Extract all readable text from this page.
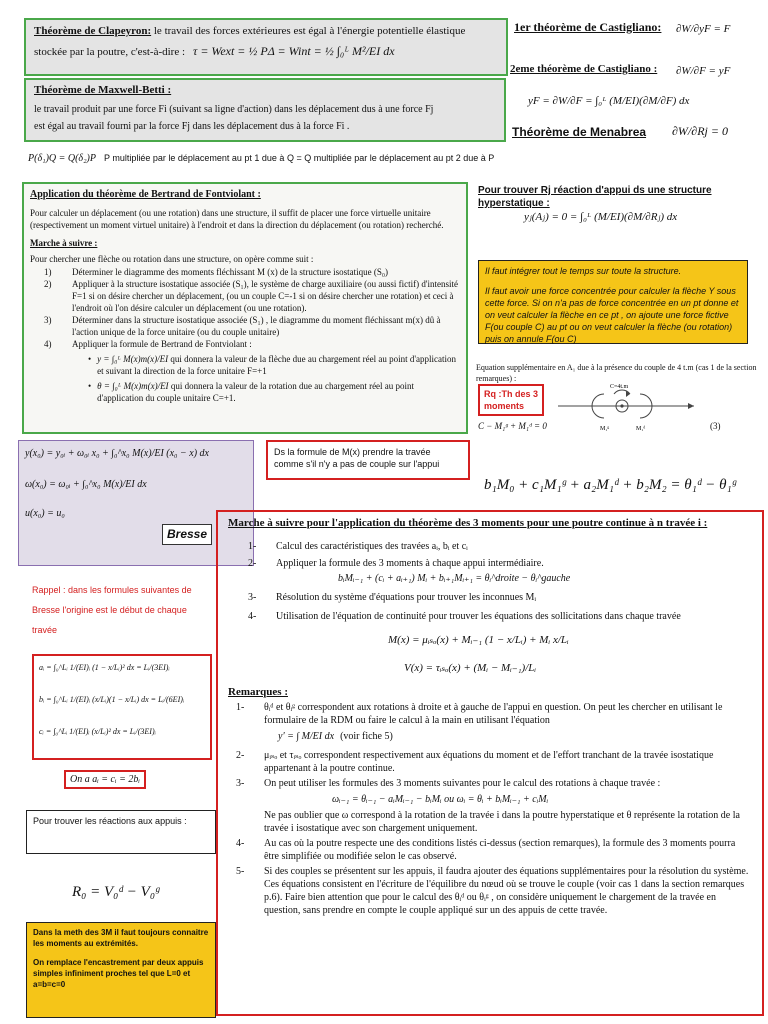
Théorème de Clapeyron: le travail des forces extérieures est égal à l'énergie potentielle élastique
stockée par la poutre, c'est-à-dire : τ = Wext = ½ PΔ = Wint = ½ ∫₀ᴸ M²/EI dx
1er théorème de Castigliano: ∂W/∂yF = F
2eme théorème de Castigliano : ∂W/∂F = yF
yF = ∂W/∂F = ∫₀ᴸ (M/EI)(∂M/∂F) dx
Théorème de Menabrea ∂W/∂Rj = 0
Théorème de Maxwell-Betti :
le travail produit par une force Fi (suivant sa ligne d'action) dans les déplacement dus à une force Fj
est égal au travail fourni par la force Fj dans les déplacement dus à la force Fi .
P(δ₁)Q = Q(δ₂)P P multipliée par le déplacement au pt 1 due à Q = Q multipliée par le déplacement au pt 2 due à P
Application du théorème de Bertrand de Fontviolant :
Pour calculer un déplacement (ou une rotation) dans une structure, il suffit de placer une force virtuelle unitaire (respectivement un moment virtuel unitaire) à l'endroit et dans la direction du déplacement (ou rotation) recherché.
Marche à suivre :
Pour chercher une flèche ou rotation dans une structure, on opère comme suit :
1)	Déterminer le diagramme des moments fléchissant M (x) de la structure isostatique (S₀)
2)	Appliquer à la structure isostatique associée (S₁), le système de charge auxiliaire (ou aussi fictif) d'intensité F=1 si on désire chercher un déplacement, (ou un couple C=-1 si on désire chercher une rotation) et ceci à l'endroit où l'on désire calculer un déplacement (ou une rotation).
3)	Déterminer dans la structure isostatique associée (S₁) , le diagramme du moment fléchissant m(x) dû à l'action unique de la force unitaire (ou du couple unitaire)
4)	Appliquer la formule de Bertrand de Fontviolant :
• y = ∫₀ᴸ M(x)m(x)/EI qui donnera la valeur de la flèche due au chargement réel au point d'application et suivant la direction de la force unitaire F=+1
• θ = ∫₀ᴸ M(x)m(x)/EI qui donnera la valeur de la rotation due au chargement réel au point d'application du couple unitaire C=+1.
Pour trouver Rj réaction d'appui ds une structure hyperstatique :
yⱼ(Aⱼ) = 0 = ∫₀ᴸ (M/EI)(∂M/∂Rⱼ) dx
Il faut intégrer tout le temps sur toute la structure.
Il faut avoir une force concentrée pour calculer la flèche Y sous cette force. Si on n'a pas de force concentrée en un pt donne et on veut calculer la flèche en ce pt , on ajoute une force fictive F(ou couple C) au pt ou on veut calculer la flèche (ou rotation) puis on annule F(ou C)
Equation supplémentaire en A₁ due à la présence du couple de 4 t.m (cas 1 de la section remarques) :
Rq :Th des 3 moments
C=4t.m
M₁ᵍ	M₁ᵈ
C − M₁ᵍ + M₁ᵈ = 0	(3)
y(x₀) = y₀ᵢ + ω₀ᵢ x₀ + ∫₀^x₀ M(x)/EI (x₀ − x) dx
ω(x₀) = ω₀ᵢ + ∫₀^x₀ M(x)/EI dx
u(x₀) = u₀
Bresse
Ds la formule de M(x) prendre la travée comme s'il n'y a pas de couple sur l'appui
Rappel : dans les formules suivantes de Bresse l'origine est le début de chaque travée
b₁M₀ + c₁M₁ᵍ + a₂M₁ᵈ + b₂M₂ = θ₁ᵈ − θ₁ᵍ
aᵢ = ∫₀^Lᵢ 1/(EI)ᵢ (1 − x/Lᵢ)² dx = Lᵢ/(3EI)ᵢ
bᵢ = ∫₀^Lᵢ 1/(EI)ᵢ (x/Lᵢ)(1 − x/Lᵢ) dx = Lᵢ/(6EI)ᵢ
cᵢ = ∫₀^Lᵢ 1/(EI)ᵢ (x/Lᵢ)² dx = Lᵢ/(3EI)ᵢ
On a aᵢ = cᵢ = 2bᵢ
Pour trouver les réactions aux appuis :
R₀ = V₀ᵈ − V₀ᵍ
Dans la meth des 3M il faut toujours connaitre les moments au extrémités.
On remplace l'encastrement par deux appuis simples infiniment proches tel que L=0 et a=b=c=0
Marche à suivre pour l'application du théorème des 3 moments pour une poutre continue à n travée i :
1-	Calcul des caractéristiques des travées aᵢ, bᵢ et cᵢ
2-	Appliquer la formule des 3 moments à chaque appui intermédiaire.
bᵢMᵢ₋₁ + (cᵢ + aᵢ₊₁) Mᵢ + bᵢ₊₁Mᵢ₊₁ = θᵢ^droite − θᵢ^gauche
3-	Résolution du système d'équations pour trouver les inconnues Mᵢ
4-	Utilisation de l'équation de continuité pour trouver les équations des sollicitations dans chaque travée
M(x) = μᵢₛₒ(x) + Mᵢ₋₁ (1 − x/Lᵢ) + Mᵢ x/Lᵢ
V(x) = τᵢₛₒ(x) + (Mᵢ − Mᵢ₋₁)/Lᵢ
Remarques :
1-	θᵢᵈ et θᵢᵍ correspondent aux rotations à droite et à gauche de l'appui en question. On peut les chercher en utilisant le formulaire de la RDM ou faire le calcul à la main en utilisant l'équation
y' = ∫ M/EI dx (voir fiche 5)
2-	μᵢₛₒ et τᵢₛₒ correspondent respectivement aux équations du moment et de l'effort tranchant de la travée isostatique appartenant à la poutre continue.
3-	On peut utiliser les formules des 3 moments suivantes pour le calcul des rotations à chaque travée :
ωᵢ₋₁ = θᵢ₋₁ − aᵢMᵢ₋₁ − bᵢMᵢ ou ωᵢ = θᵢ + bᵢMᵢ₋₁ + cᵢMᵢ
Ne pas oublier que ω correspond à la rotation de la travée i dans la poutre hyperstatique et θ représente la rotation de la travée i isostatique avec son chargement uniquement.
4-	Au cas où la poutre respecte une des conditions listés ci-dessus (section remarques), la formule des 3 moments pourra être simplifiée ou modifiée selon le cas observé.
5-	Si des couples se présentent sur les appuis, il faudra ajouter des équations supplémentaires pour la résolution du système. Ces équations consistent en l'écriture de l'équilibre du nœud où se trouve le couple (voir cas 1 dans la section remarques p.6). Faire bien attention que pour le calcul des θᵢᵈ ou θᵢᵍ , on considère uniquement le chargement de la travée en question, sans prendre en compte le couple appliqué sur un des appuis de cette travée.
